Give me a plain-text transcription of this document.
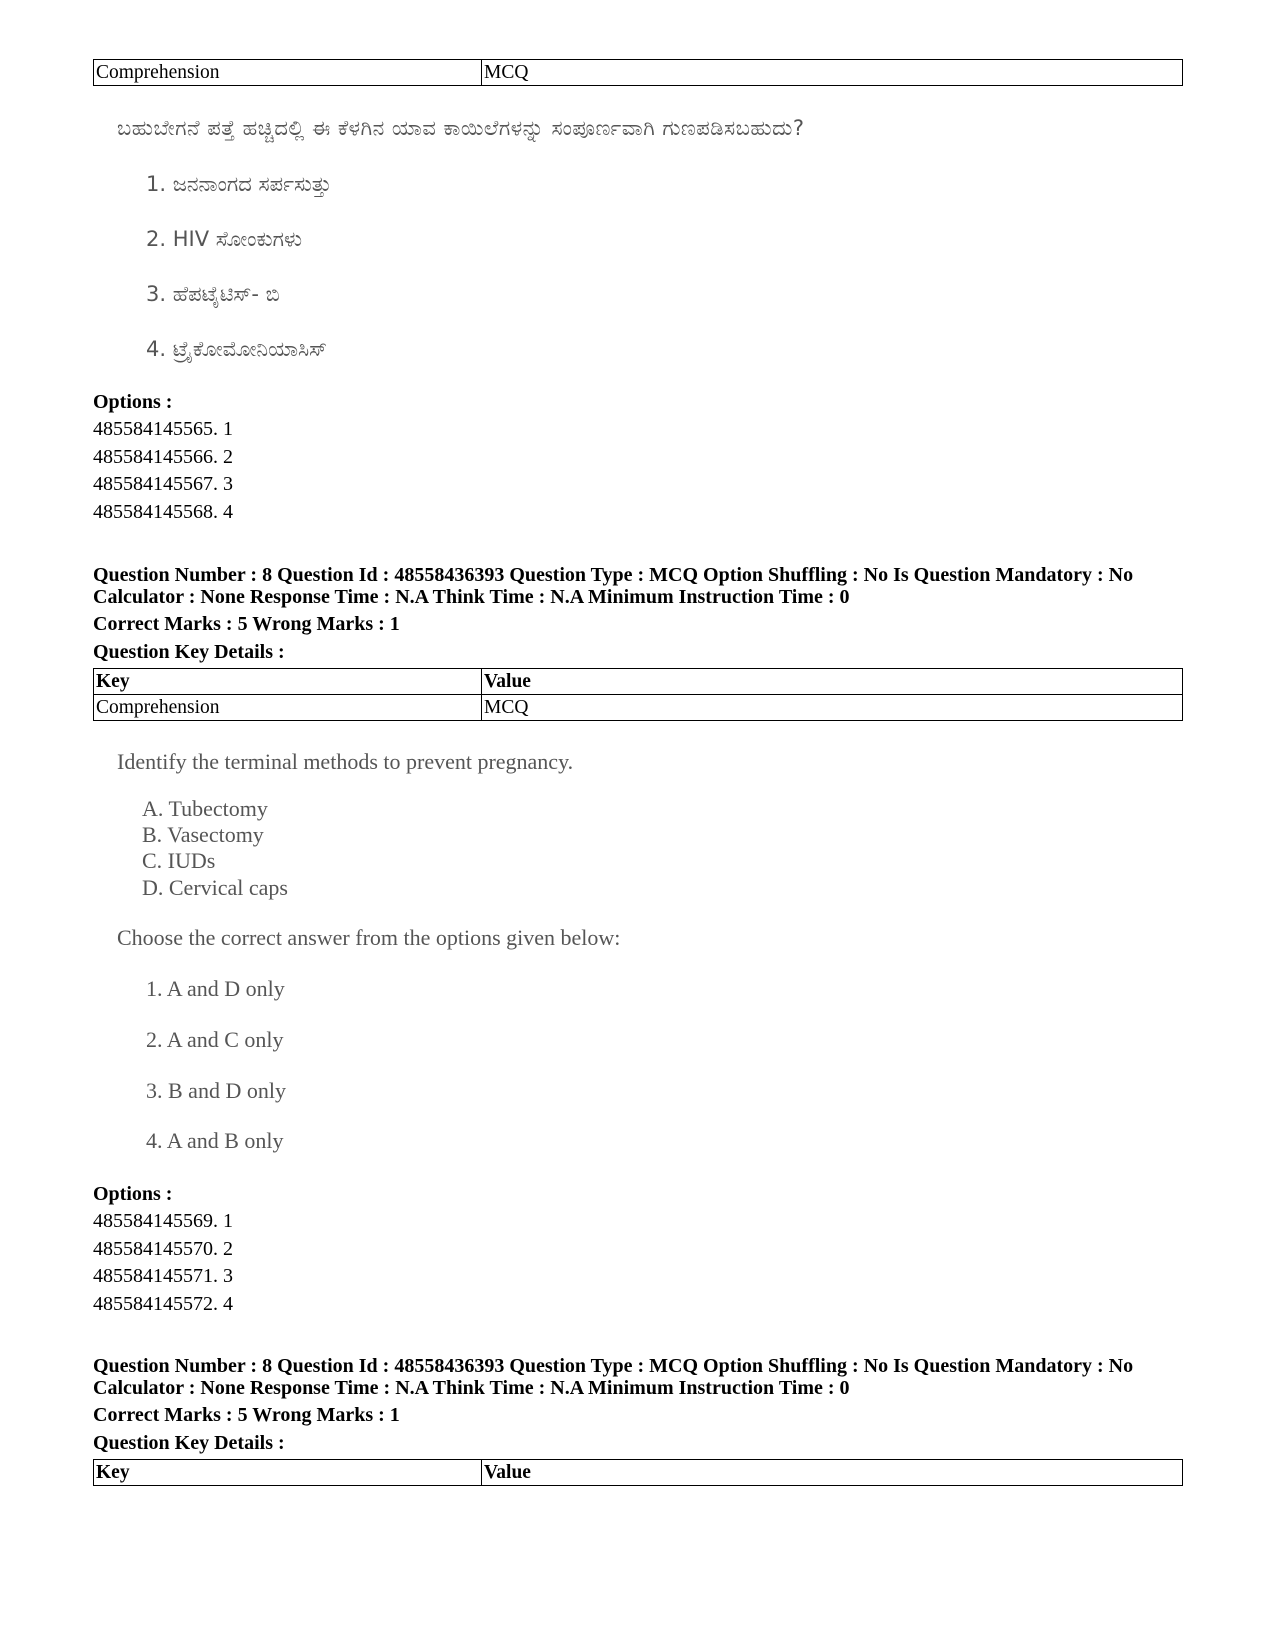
Comprehension	MCQ
ಬಹುಬೇಗನೆ ಪತ್ತೆ ಹಚ್ಚಿದಲ್ಲಿ ಈ ಕೆಳಗಿನ ಯಾವ ಕಾಯಿಲೆಗಳನ್ನು ಸಂಪೂರ್ಣವಾಗಿ ಗುಣಪಡಿಸಬಹುದು?
1. ಜನನಾಂಗದ ಸರ್ಪಸುತ್ತು
2. HIV ಸೋಂಕುಗಳು
3. ಹೆಪಟೈಟಿಸ್- ಬಿ
4. ಟ್ರೈಕೋಮೋನಿಯಾಸಿಸ್
Options :
485584145565. 1
485584145566. 2
485584145567. 3
485584145568. 4
Question Number : 8 Question Id : 48558436393 Question Type : MCQ Option Shuffling : No Is Question Mandatory : No
Calculator : None Response Time : N.A Think Time : N.A Minimum Instruction Time : 0
Correct Marks : 5 Wrong Marks : 1
Question Key Details :
Key	Value
Comprehension	MCQ
Identify the terminal methods to prevent pregnancy.
A. Tubectomy
B. Vasectomy
C. IUDs
D. Cervical caps
Choose the correct answer from the options given below:
1. A and D only
2. A and C only
3. B and D only
4. A and B only
Options :
485584145569. 1
485584145570. 2
485584145571. 3
485584145572. 4
Question Number : 8 Question Id : 48558436393 Question Type : MCQ Option Shuffling : No Is Question Mandatory : No
Calculator : None Response Time : N.A Think Time : N.A Minimum Instruction Time : 0
Correct Marks : 5 Wrong Marks : 1
Question Key Details :
Key	Value
